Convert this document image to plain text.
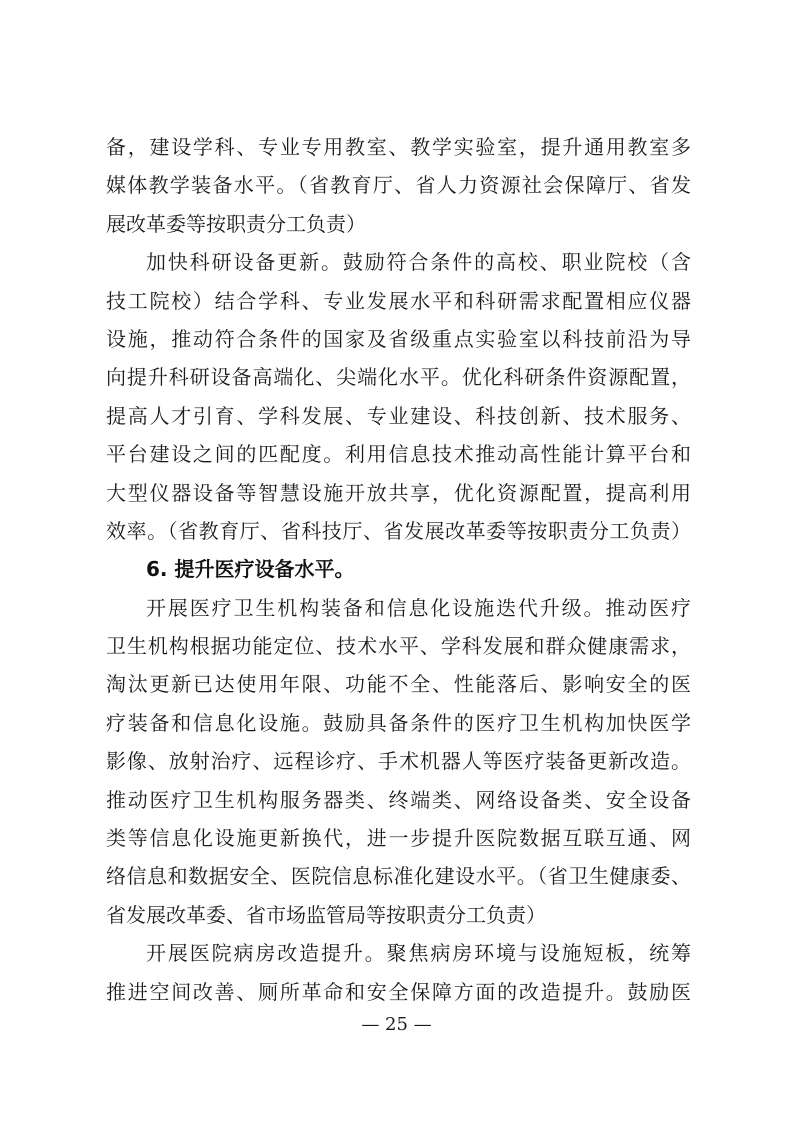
备，建设学科、专业专用教室、教学实验室，提升通用教室多
媒体教学装备水平。（省教育厅、省人力资源社会保障厅、省发
展改革委等按职责分工负责）
加快科研设备更新。鼓励符合条件的高校、职业院校（含
技工院校）结合学科、专业发展水平和科研需求配置相应仪器
设施，推动符合条件的国家及省级重点实验室以科技前沿为导
向提升科研设备高端化、尖端化水平。优化科研条件资源配置，
提高人才引育、学科发展、专业建设、科技创新、技术服务、
平台建设之间的匹配度。利用信息技术推动高性能计算平台和
大型仪器设备等智慧设施开放共享，优化资源配置，提高利用
效率。（省教育厅、省科技厅、省发展改革委等按职责分工负责）
6. 提升医疗设备水平。
开展医疗卫生机构装备和信息化设施迭代升级。推动医疗
卫生机构根据功能定位、技术水平、学科发展和群众健康需求，
淘汰更新已达使用年限、功能不全、性能落后、影响安全的医
疗装备和信息化设施。鼓励具备条件的医疗卫生机构加快医学
影像、放射治疗、远程诊疗、手术机器人等医疗装备更新改造。
推动医疗卫生机构服务器类、终端类、网络设备类、安全设备
类等信息化设施更新换代，进一步提升医院数据互联互通、网
络信息和数据安全、医院信息标准化建设水平。（省卫生健康委、
省发展改革委、省市场监管局等按职责分工负责）
开展医院病房改造提升。聚焦病房环境与设施短板，统筹
推进空间改善、厕所革命和安全保障方面的改造提升。鼓励医
— 25 —
